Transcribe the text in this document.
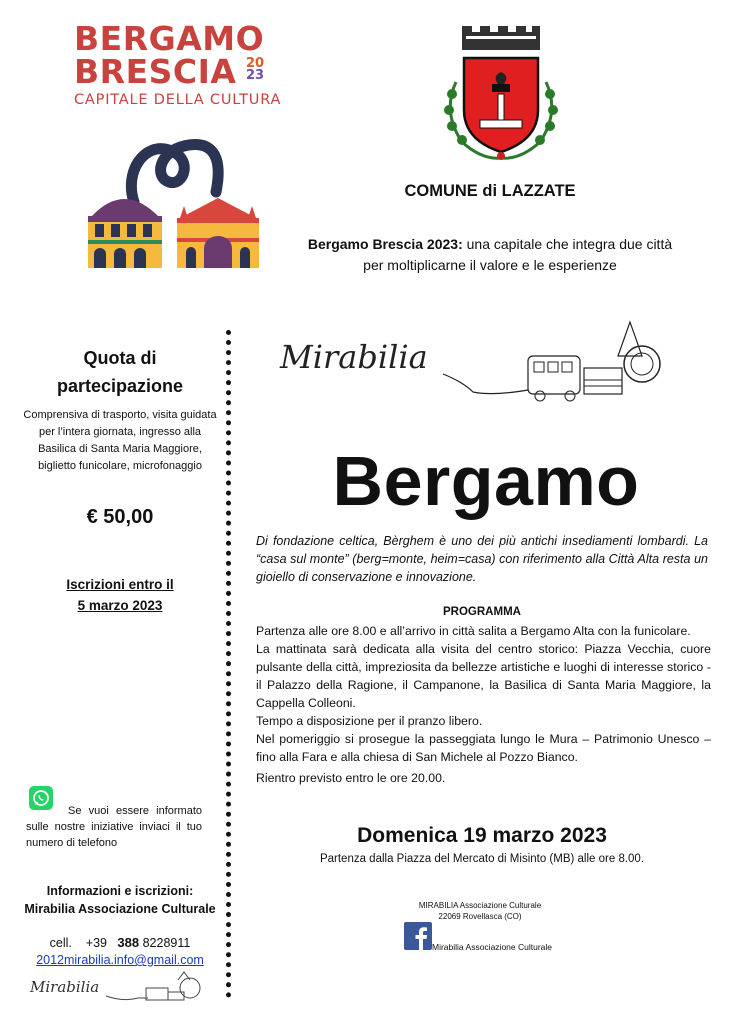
BERGAMO
BRESCIA 20
23
CAPITALE DELLA CULTURA
COMUNE di LAZZATE
Bergamo Brescia 2023: una capitale che integra due città per moltiplicarne il valore e le esperienze
Quota di partecipazione
Comprensiva di trasporto, visita guidata per l’intera giornata, ingresso alla Basilica di Santa Maria Maggiore, biglietto funicolare, microfonaggio
€ 50,00
Iscrizioni entro il
5 marzo 2023
Se vuoi essere informato sulle nostre iniziative inviaci il tuo numero di telefono
Informazioni e iscrizioni: Mirabilia Associazione Culturale
cell. +39 388 8228911
2012mirabilia.info@gmail.com
Mirabilia
Mirabilia
Bergamo
Di fondazione celtica, Bèrghem è uno dei più antichi insediamenti lombardi. La “casa sul monte” (berg=monte, heim=casa) con riferimento alla Città Alta resta un gioiello di conservazione e innovazione.
PROGRAMMA

Partenza alle ore 8.00 e all’arrivo in città salita a Bergamo Alta con la funicolare.

La mattinata sarà dedicata alla visita del centro storico: Piazza Vecchia, cuore pulsante della città, impreziosita da bellezze artistiche e luoghi di interesse storico - il Palazzo della Ragione, il Campanone, la Basilica di Santa Maria Maggiore, la Cappella Colleoni.

Tempo a disposizione per il pranzo libero.

Nel pomeriggio si prosegue la passeggiata lungo le Mura – Patrimonio Unesco – fino alla Fara e alla chiesa di San Michele al Pozzo Bianco.

Rientro previsto entro le ore 20.00.
Domenica 19 marzo 2023
Partenza dalla Piazza del Mercato di Misinto (MB) alle ore 8.00.
MIRABILIA Associazione Culturale
22069 Rovellasca (CO)
Mirabilia Associazione Culturale
